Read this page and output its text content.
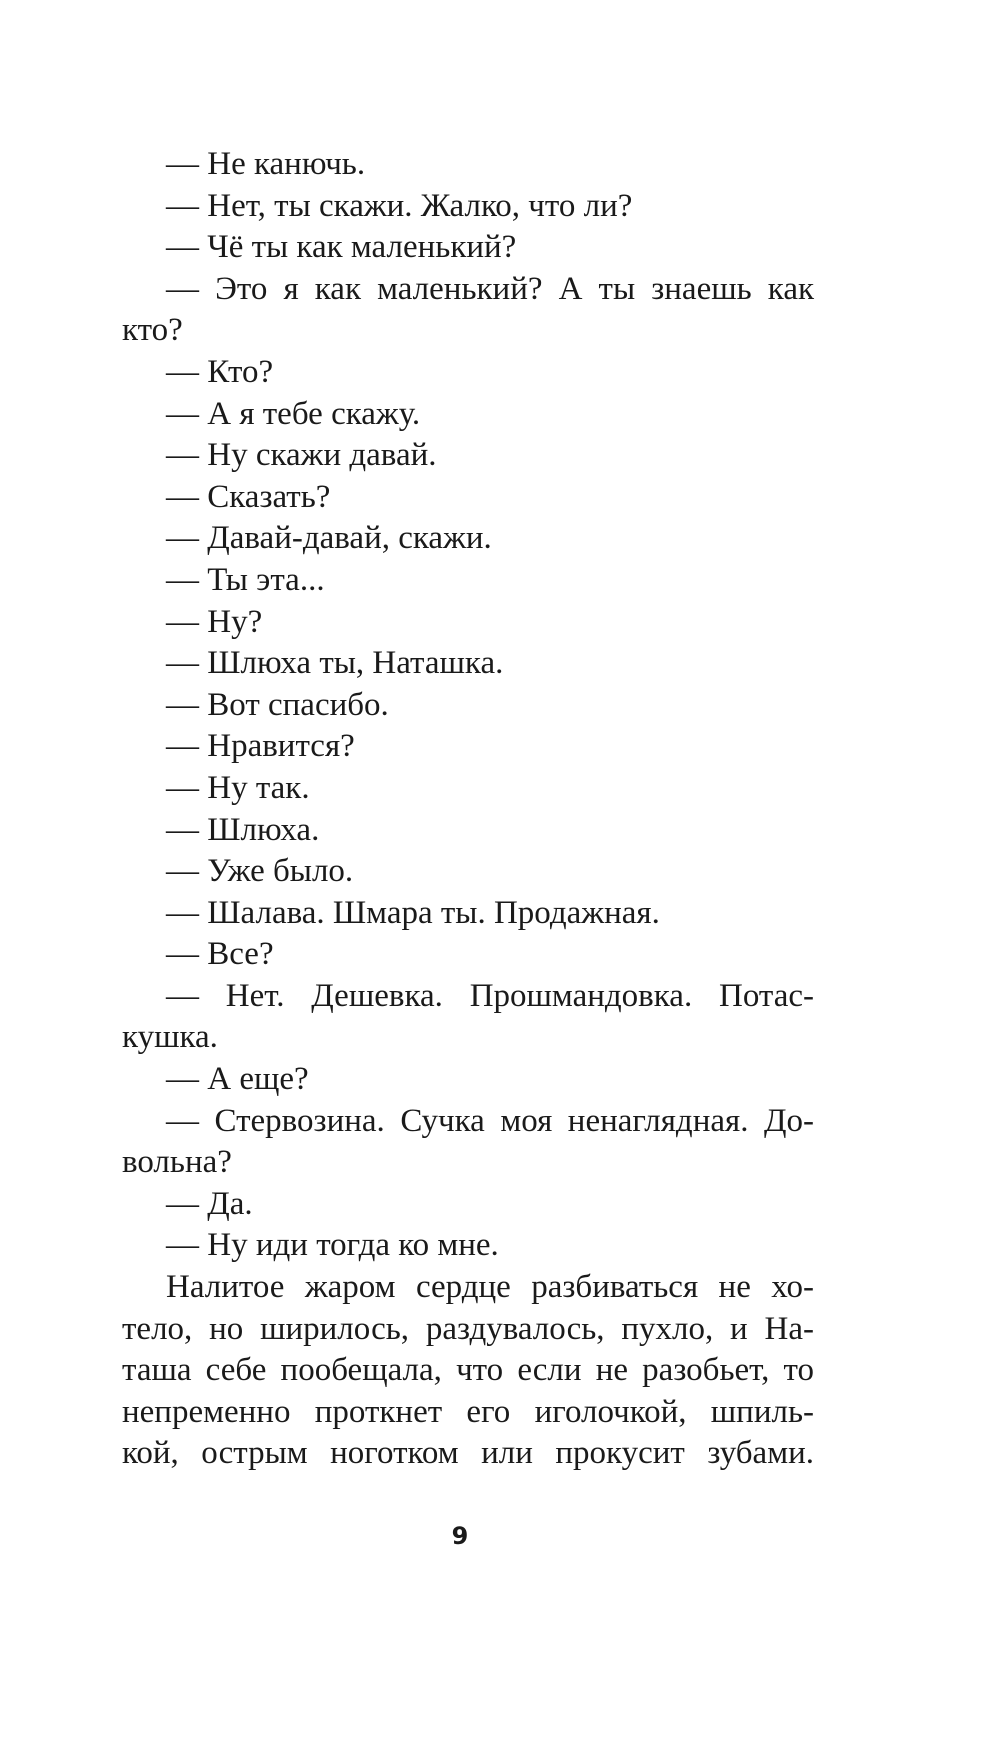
— Не канючь.
— Нет, ты скажи. Жалко, что ли?
— Чё ты как маленький?
— Это я как маленький? А ты знаешь как
кто?
— Кто?
— А я тебе скажу.
— Ну скажи давай.
— Сказать?
— Давай-давай, скажи.
— Ты эта...
— Ну?
— Шлюха ты, Наташка.
— Вот спасибо.
— Нравится?
— Ну так.
— Шлюха.
— Уже было.
— Шалава. Шмара ты. Продажная.
— Все?
— Нет. Дешевка. Прошмандовка. Потас-
кушка.
— А еще?
— Стервозина. Сучка моя ненаглядная. До-
вольна?
— Да.
— Ну иди тогда ко мне.
Налитое жаром сердце разбиваться не хо-
тело, но ширилось, раздувалось, пухло, и На-
таша себе пообещала, что если не разобьет, то
непременно проткнет его иголочкой, шпиль-
кой, острым ноготком или прокусит зубами.
9
